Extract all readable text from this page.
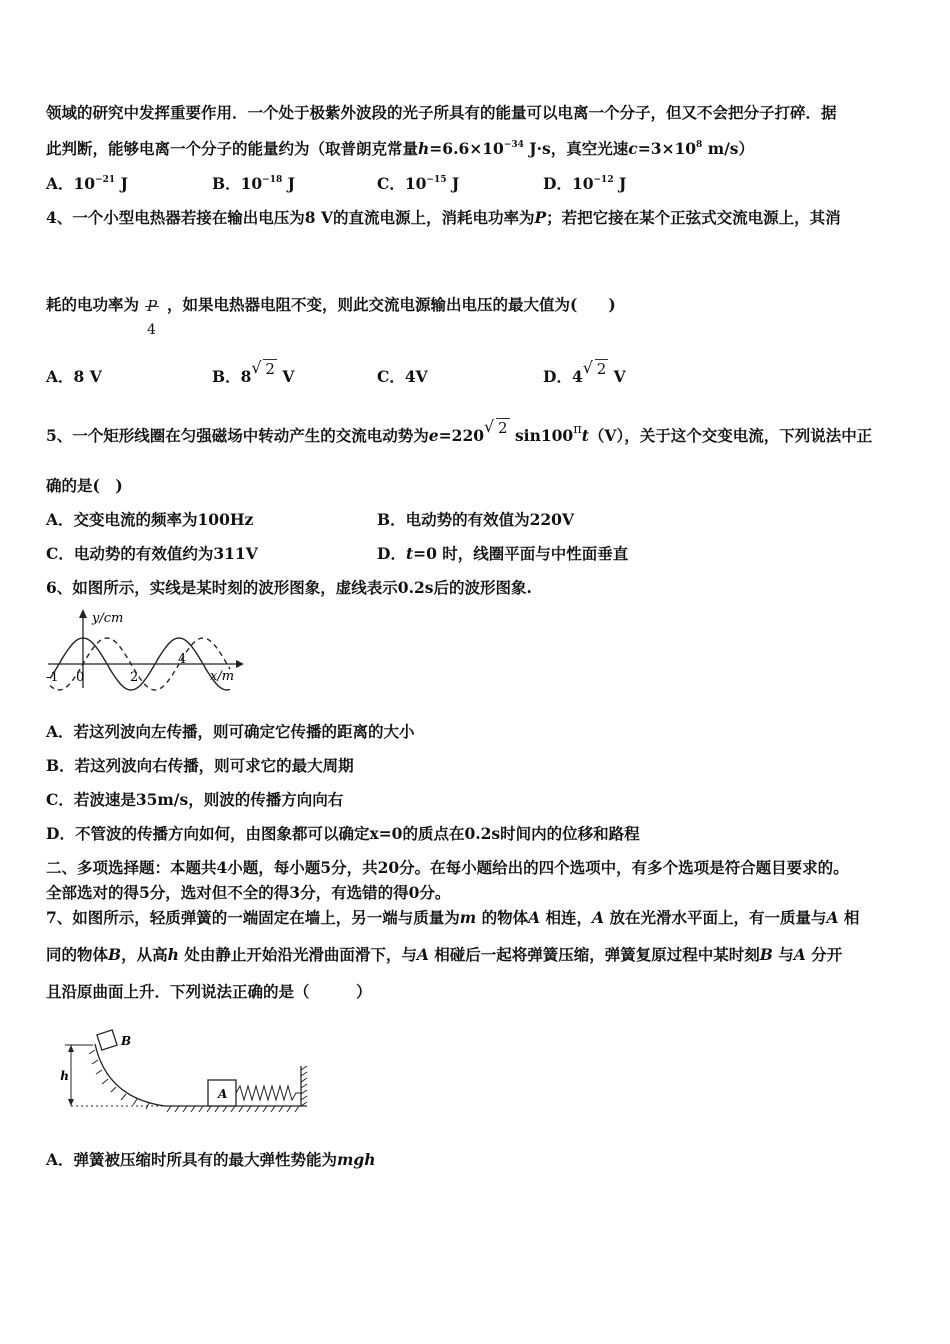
领域的研究中发挥重要作用．一个处于极紫外波段的光子所具有的能量可以电离一个分子，但又不会把分子打碎．据
此判断，能够电离一个分子的能量约为（取普朗克常量$h=6.6\times 10^{-34}$ J·s，真空光速$c=3\times 10^8$ m/s）
A．$10^{-21}$ J	B．$10^{-18}$ J	C．$10^{-15}$ J	D．$10^{-12}$ J
4、一个小型电热器若接在输出电压为8 V的直流电源上，消耗电功率为P；若把它接在某个正弦式交流电源上，其消
耗的电功率为 P
4
，如果电热器电阻不变，则此交流电源输出电压的最大值为(　　)
A．8 V	B．8 √ 2 V	C．4V	D．4 √ 2 V
5、一个矩形线圈在匀强磁场中转动产生的交流电动势为e=220 √ 2 $\sin 100^\pi t(V)$，关于这个交变电流，下列说法中正
确的是(　)
A．交变电流的频率为100Hz	B．电动势的有效值为220V
C．电动势的有效值约为311V	D．t=0 时，线圈平面与中性面垂直
6、如图所示，实线是某时刻的波形图象，虚线表示0.2s后的波形图象.
y/cm
x/m
-1 0	2
4
A．若这列波向左传播，则可确定它传播的距离的大小
B．若这列波向右传播，则可求它的最大周期
C．若波速是35m/s，则波的传播方向向右
D．不管波的传播方向如何，由图象都可以确定x=0的质点在0.2s时间内的位移和路程
二、多项选择题：本题共4小题，每小题5分，共20分。在每小题给出的四个选项中，有多个选项是符合题目要求的。
全部选对的得5分，选对但不全的得3分，有选错的得0分。
7、如图所示，轻质弹簧的一端固定在墙上，另一端与质量为m 的物体A 相连，A 放在光滑水平面上，有一质量与A 相
同的物体B，从高h 处由静止开始沿光滑曲面滑下，与A 相碰后一起将弹簧压缩，弹簧复原过程中某时刻B 与A 分开
且沿原曲面上升．下列说法正确的是（　　　）
h
B
A
A．弹簧被压缩时所具有的最大弹性势能为mgh
